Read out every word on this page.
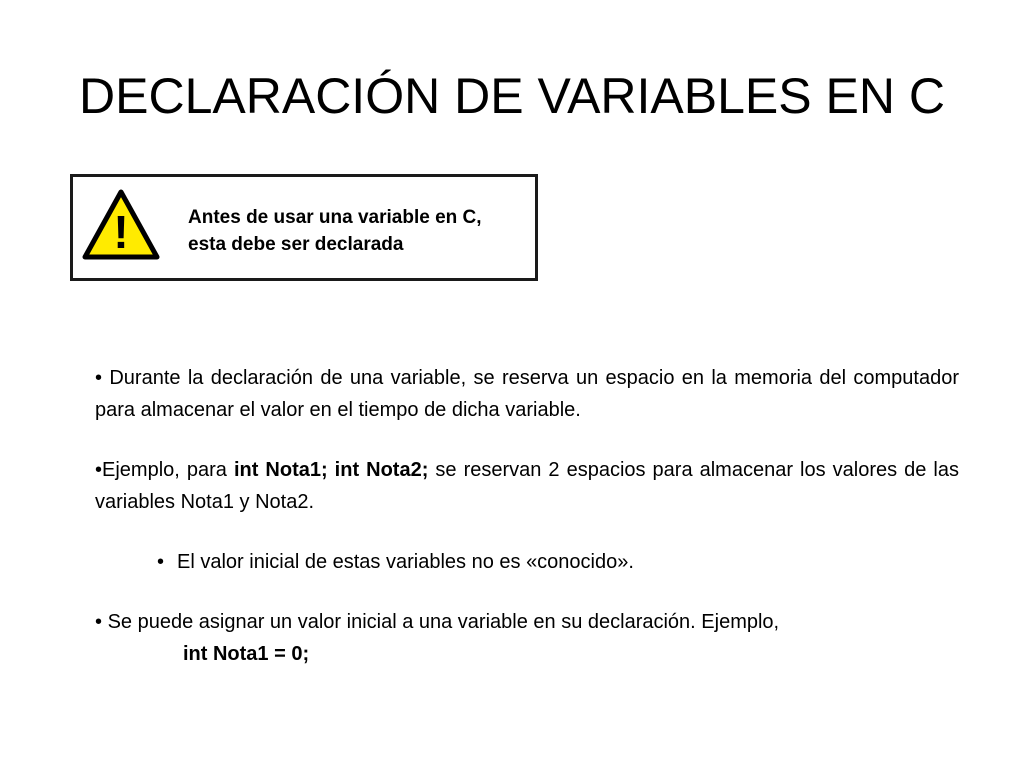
DECLARACIÓN DE VARIABLES EN C
!	Antes de usar una variable en C,
esta debe ser declarada

• Durante la declaración de una variable, se reserva un espacio en la memoria del computador para almacenar el valor en el tiempo de dicha variable.

•Ejemplo, para int Nota1; int Nota2; se reservan 2 espacios para almacenar los valores de las variables Nota1 y Nota2.

• El valor inicial de estas variables no es «conocido».

• Se puede asignar un valor inicial a una variable en su declaración. Ejemplo,

int Nota1 = 0;
